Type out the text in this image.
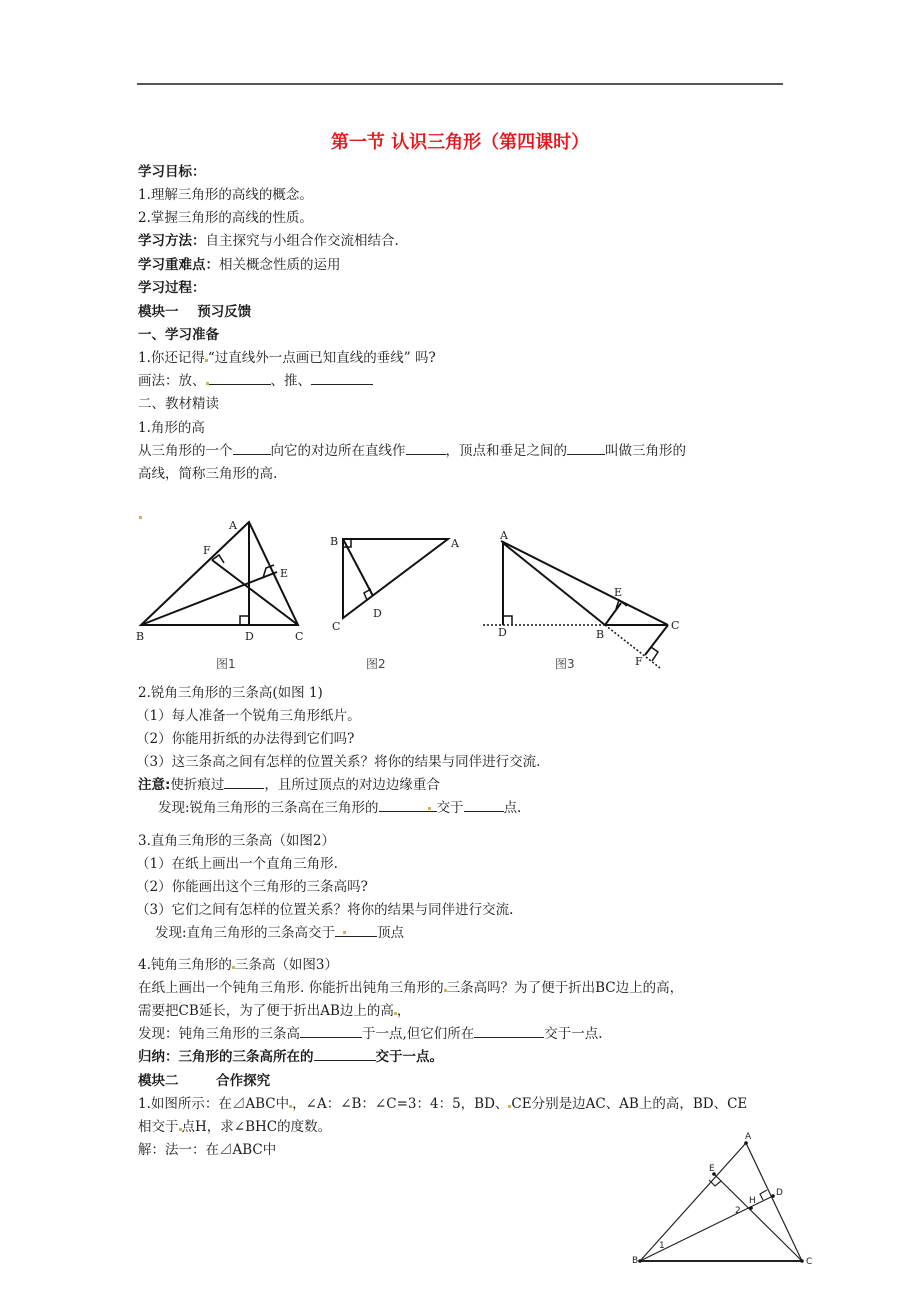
第一节 认识三角形（第四课时）
学习目标：
1.理解三角形的高线的概念。
2.掌握三角形的高线的性质。
学习方法：自主探究与小组合作交流相结合.
学习重难点：相关概念性质的运用
学习过程：
模块一    预习反馈
一、学习准备
1.你还记得 “过直线外一点画已知直线的垂线” 吗?
画法：放、	、推、
二、教材精读
1.角形的高
从三角形的一个	向它的对边所在直线作	，顶点和垂足之间的	叫做三角形的
高线，简称三角形的高.
A
B	C
D
E
F
图1
B	A
C
D
图2
A
D	B
C
E
F
图3
A
E
D
H
2
1
B	C
2.锐角三角形的三条高(如图 1)
（1）每人准备一个锐角三角形纸片。
（2）你能用折纸的办法得到它们吗?
（3）这三条高之间有怎样的位置关系？将你的结果与同伴进行交流.
注意:使折痕过	，且所过顶点的对边边缘重合
发现:锐角三角形的三条高在三角形的	交于	点.
3.直角三角形的三条高（如图2）
（1）在纸上画出一个直角三角形.
（2）你能画出这个三角形的三条高吗?
（3）它们之间有怎样的位置关系？将你的结果与同伴进行交流.
发现:直角三角形的三条高交于	顶点
4.钝角三角形的 三条高（如图3）
在纸上画出一个钝角三角形. 你能折出钝角三角形的 三条高吗？为了便于折出BC边上的高，
需要把CB延长，为了便于折出AB边上的高 ，
发现：钝角三角形的三条高	于一点,但它们所在	交于一点.
归纳：三角形的三条高所在的	交于一点。
模块二        合作探究
1.如图所示：在⊿ABC中 ，∠A：∠B：∠C=3：4：5，BD、 CE分别是边AC、AB上的高，BD、CE
相交于 点H，求∠BHC的度数。
解：法一：在⊿ABC中
